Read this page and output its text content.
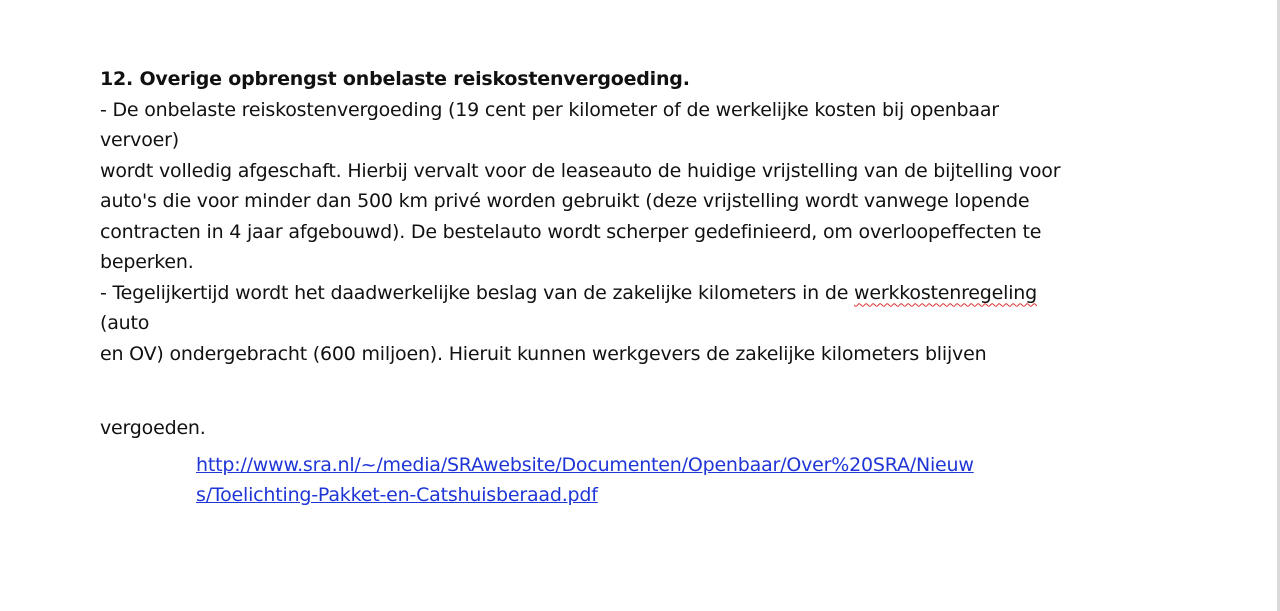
12. Overige opbrengst onbelaste reiskostenvergoeding.
- De onbelaste reiskostenvergoeding (19 cent per kilometer of de werkelijke kosten bij openbaar
vervoer)
wordt volledig afgeschaft. Hierbij vervalt voor de leaseauto de huidige vrijstelling van de bijtelling voor
auto's die voor minder dan 500 km privé worden gebruikt (deze vrijstelling wordt vanwege lopende
contracten in 4 jaar afgebouwd). De bestelauto wordt scherper gedefinieerd, om overloopeffecten te
beperken.
- Tegelijkertijd wordt het daadwerkelijke beslag van de zakelijke kilometers in de werkkostenregeling
(auto
en OV) ondergebracht (600 miljoen). Hieruit kunnen werkgevers de zakelijke kilometers blijven
vergoeden.
http://www.sra.nl/~/media/SRAwebsite/Documenten/Openbaar/Over%20SRA/Nieuw
s/Toelichting-Pakket-en-Catshuisberaad.pdf
